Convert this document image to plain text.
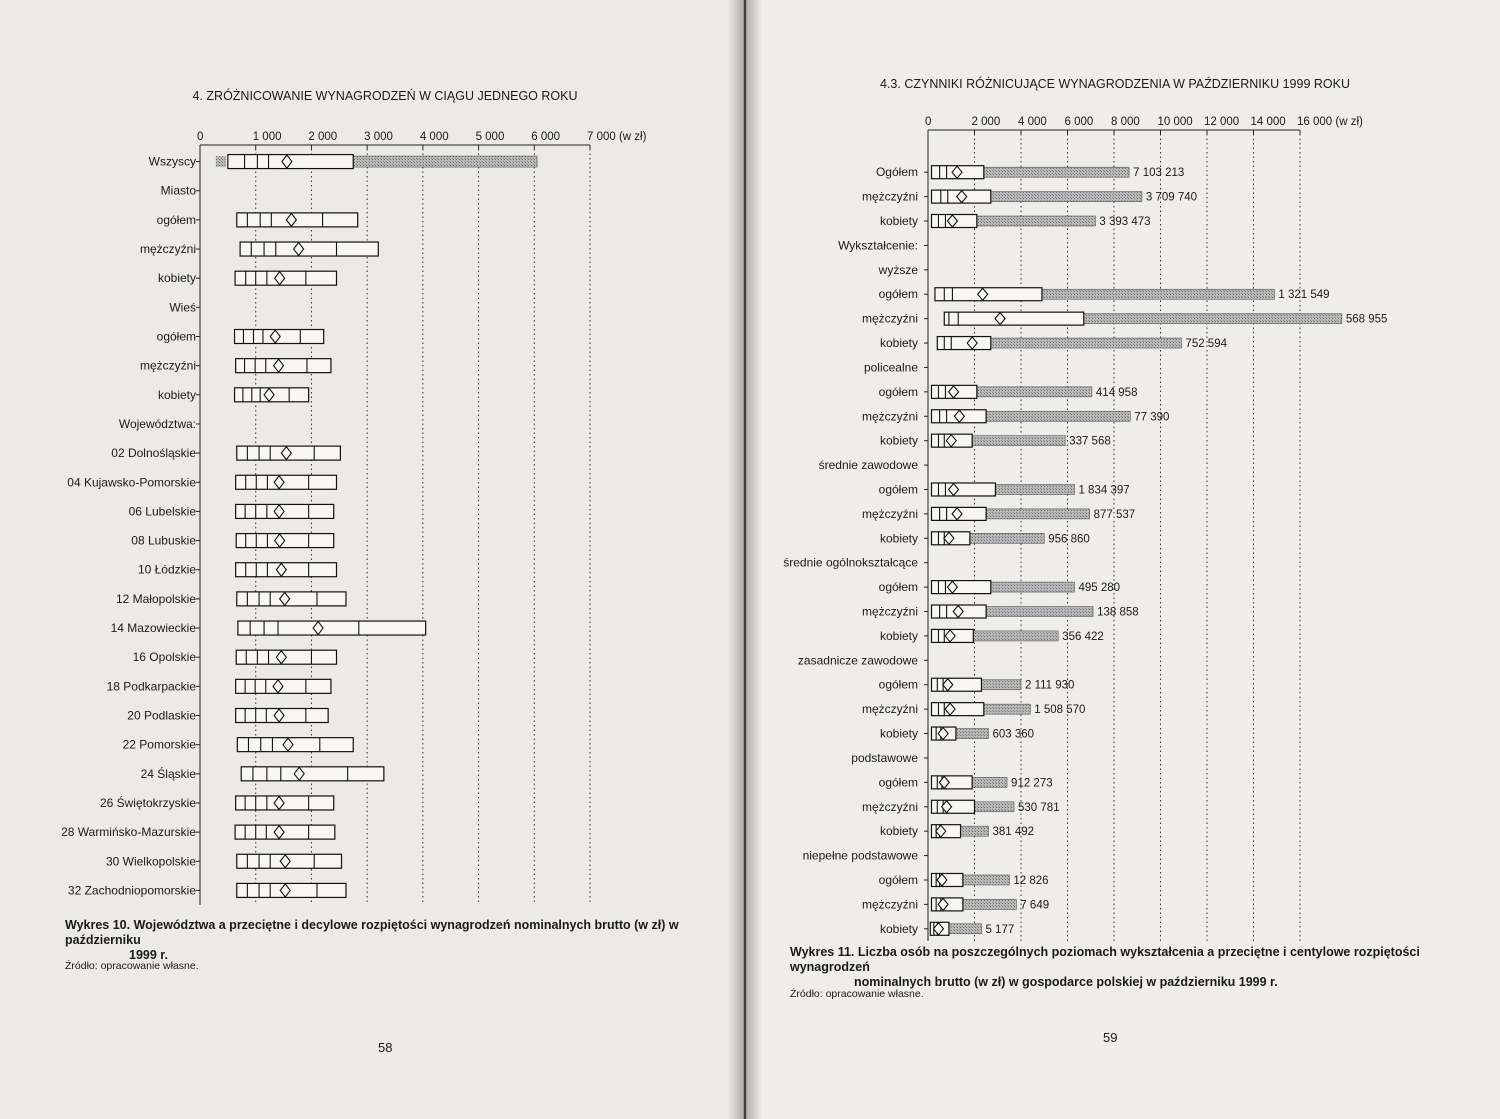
4. ZRÓŻNICOWANIE WYNAGRODZEŃ W CIĄGU JEDNEGO ROKU
0	1 000 2 000 3 000 4 000 5 000 6 000 7 000 (w zł)
Wszyscy
Miasto
ogółem
mężczyźni
kobiety
Wieś
ogółem
mężczyźni
kobiety
Województwa:
02 Dolnośląskie
04 Kujawsko-Pomorskie
06 Lubelskie
08 Lubuskie
10 Łódzkie
12 Małopolskie
14 Mazowieckie
16 Opolskie
18 Podkarpackie
20 Podlaskie
22 Pomorskie
24 Śląskie
26 Świętokrzyskie
28 Warmińsko-Mazurskie
30 Wielkopolskie
32 Zachodniopomorskie
4.3. CZYNNIKI RÓŻNICUJĄCE WYNAGRODZENIA W PAŹDZIERNIKU 1999 ROKU
0	2 000 4 000 6 000 8 000 10 000 12 000 14 000 16 000 (w zł)
Ogółem	7 103 213
mężczyźni	3 709 740
kobiety	3 393 473
Wykształcenie:
wyższe
ogółem	1 321 549
mężczyźni	568 955
kobiety	752 594
policealne
ogółem	414 958
mężczyźni	77 390
kobiety	337 568
średnie zawodowe
ogółem	1 834 397
mężczyźni	877 537
kobiety	956 860
średnie ogólnokształcące
ogółem	495 280
mężczyźni	138 858
kobiety	356 422
zasadnicze zawodowe
ogółem	2 111 930
mężczyźni	1 508 570
kobiety	603 360
podstawowe
ogółem	912 273
mężczyźni	530 781
kobiety	381 492
niepełne podstawowe
ogółem	12 826
mężczyźni	7 649
kobiety	5 177
Wykres 10. Województwa a przeciętne i decylowe rozpiętości wynagrodzeń nominalnych brutto (w zł) w październiku
1999 r.
Źródło: opracowanie własne.
58
Wykres 11. Liczba osób na poszczególnych poziomach wykształcenia a przeciętne i centylowe rozpiętości wynagrodzeń
nominalnych brutto (w zł) w gospodarce polskiej w październiku 1999 r.
Źródło: opracowanie własne.
59
